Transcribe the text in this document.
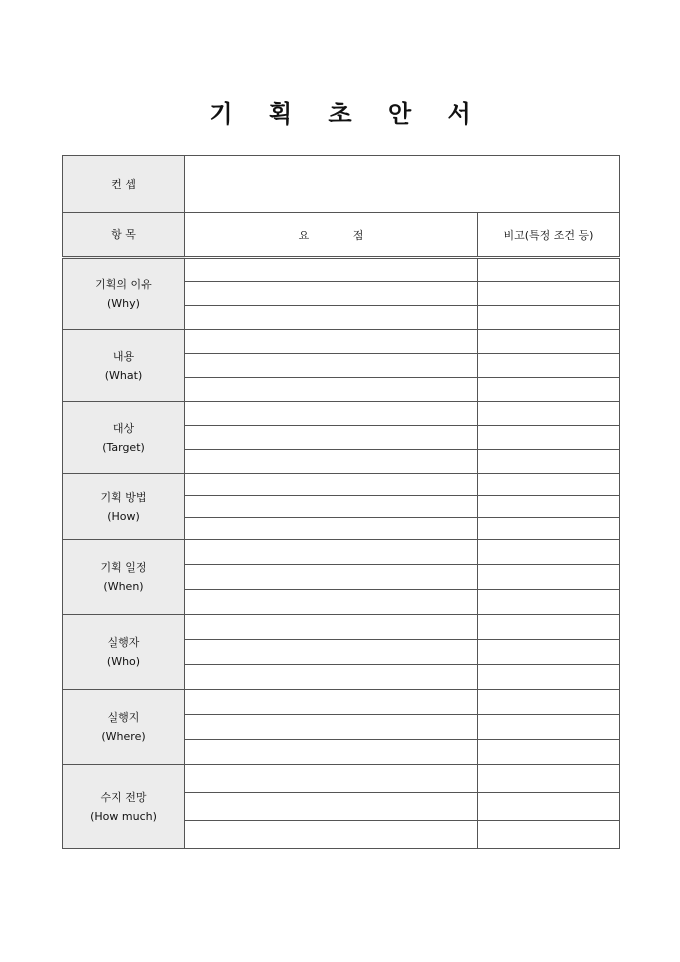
기 획 초 안 서
컨 셉		
항 목	요 점	비고(특정 조건 등)

기획의 이유
(Why)		

내용
(What)		

대상
(Target)		

기획 방법
(How)		

기획 일정
(When)		

실행자
(Who)		

실행지
(Where)		

수지 전망
(How much)		
